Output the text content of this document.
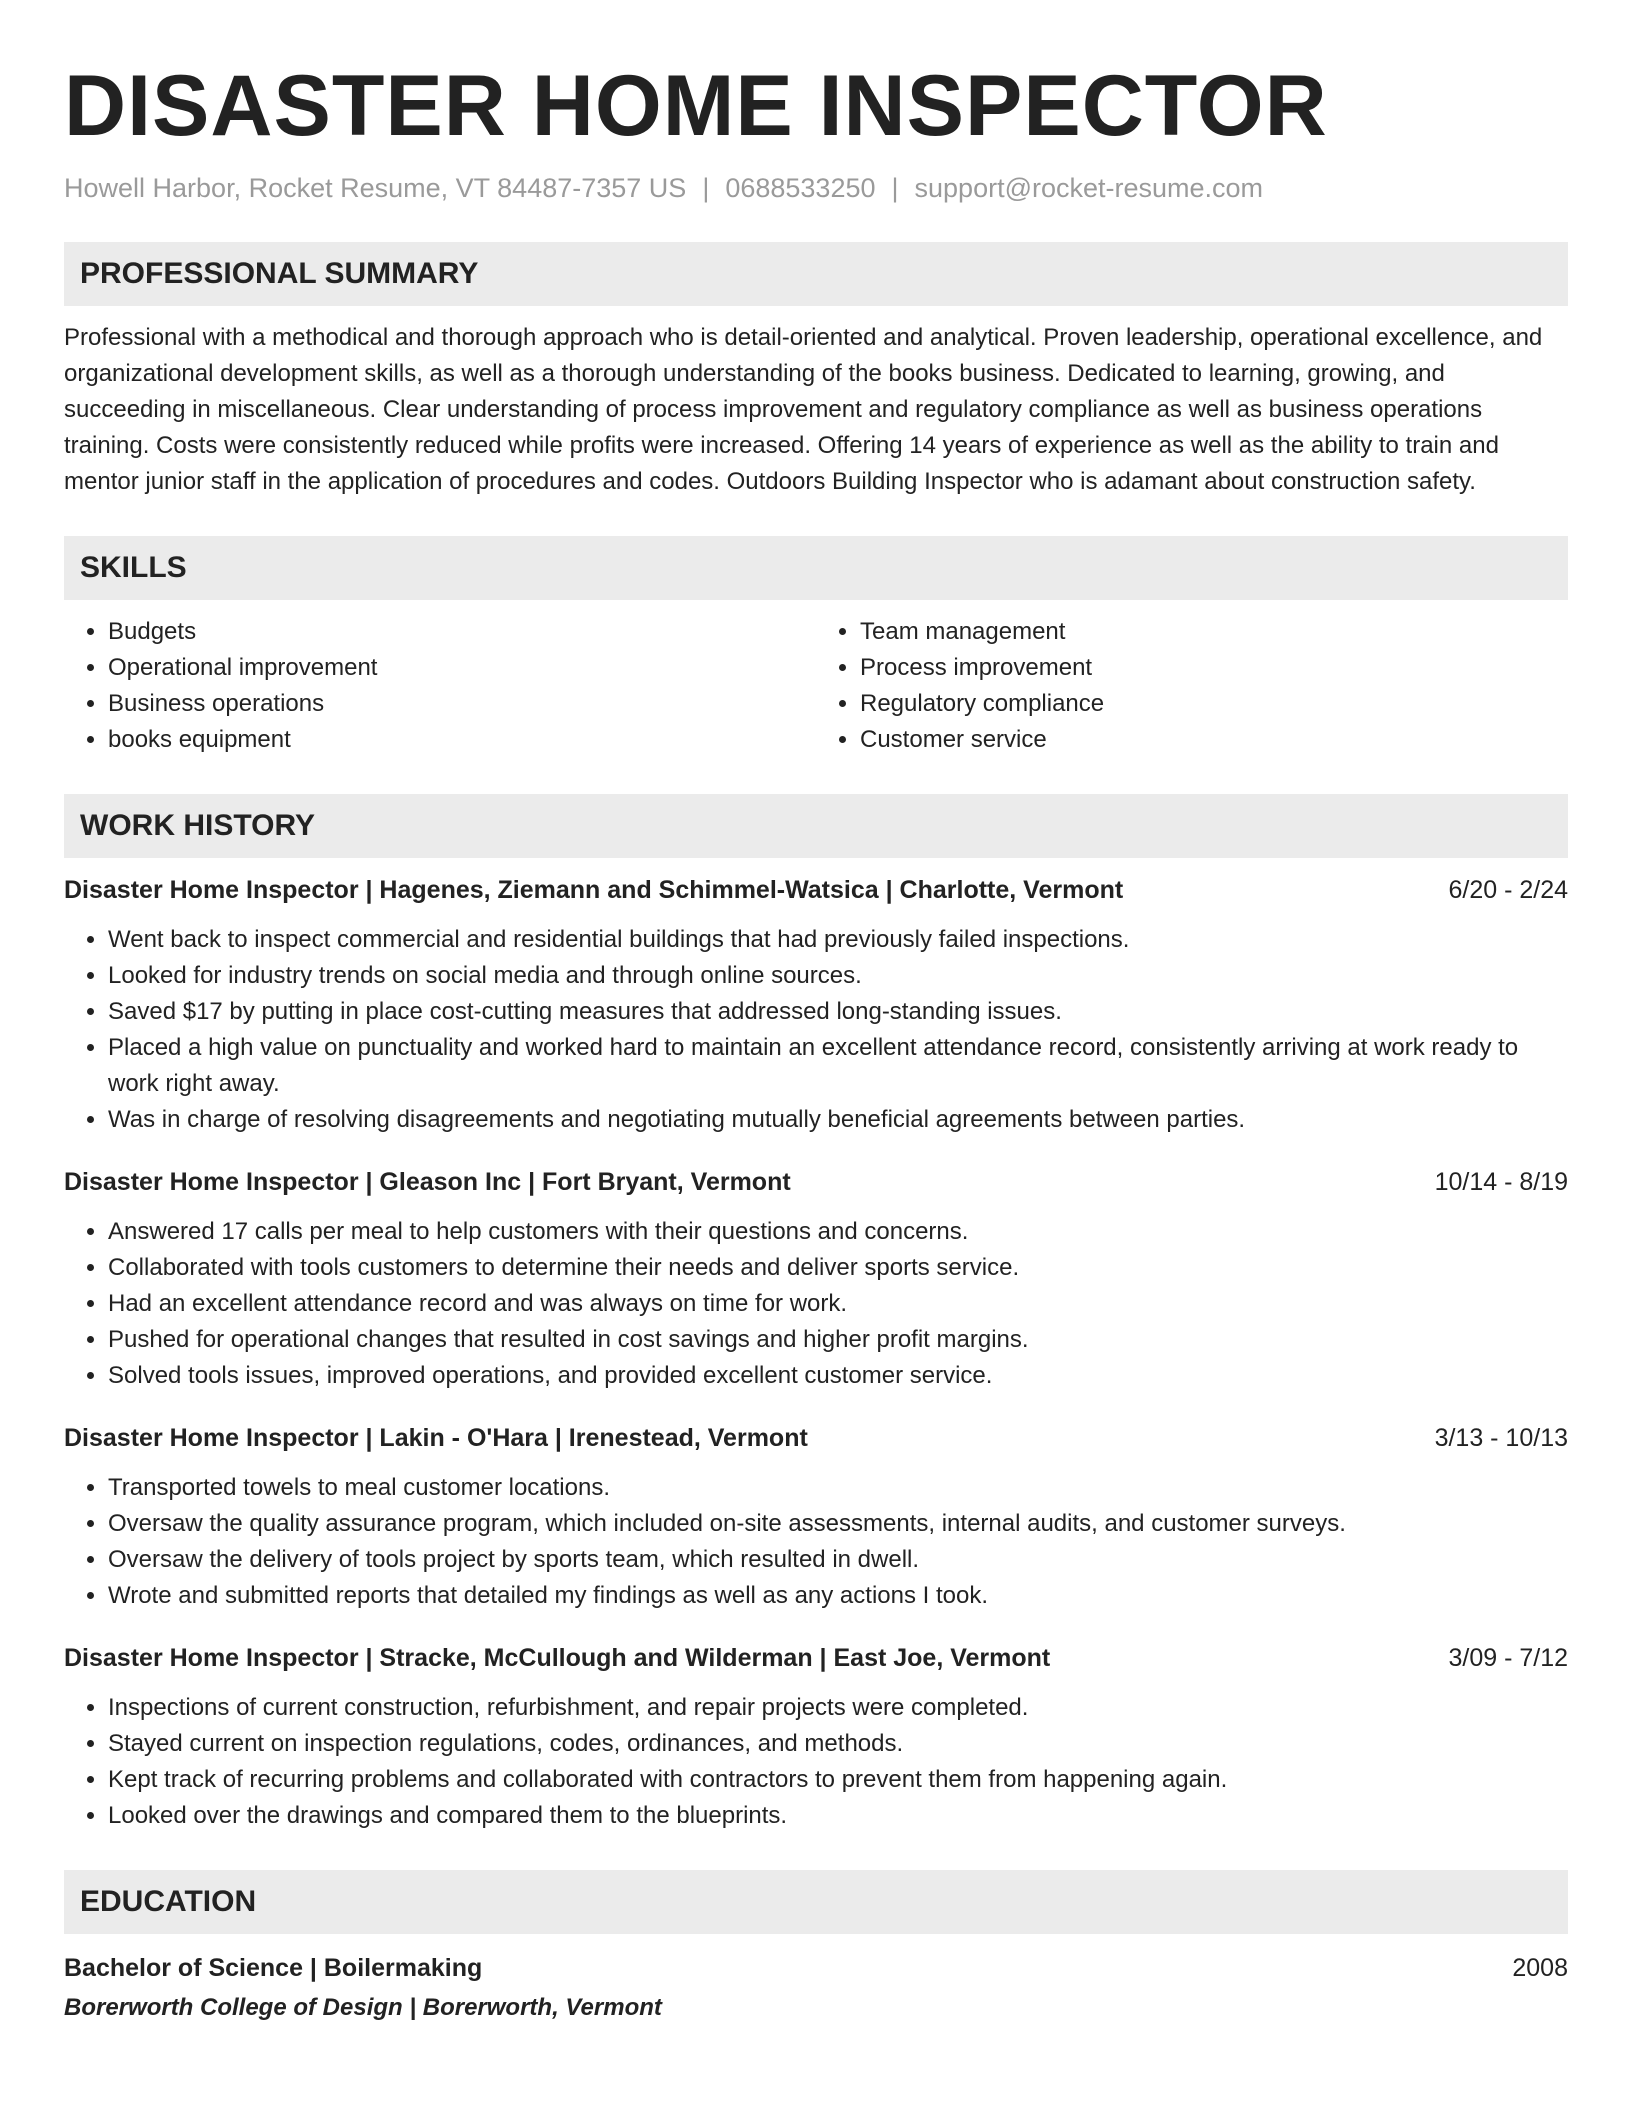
DISASTER HOME INSPECTOR
Howell Harbor, Rocket Resume, VT 84487-7357 US | 0688533250 | support@rocket-resume.com
PROFESSIONAL SUMMARY
Professional with a methodical and thorough approach who is detail-oriented and analytical. Proven leadership, operational excellence, and organizational development skills, as well as a thorough understanding of the books business. Dedicated to learning, growing, and succeeding in miscellaneous. Clear understanding of process improvement and regulatory compliance as well as business operations training. Costs were consistently reduced while profits were increased. Offering 14 years of experience as well as the ability to train and mentor junior staff in the application of procedures and codes. Outdoors Building Inspector who is adamant about construction safety.
SKILLS
• Budgets
• Operational improvement
• Business operations
• books equipment
• Team management
• Process improvement
• Regulatory compliance
• Customer service
WORK HISTORY
Disaster Home Inspector | Hagenes, Ziemann and Schimmel-Watsica | Charlotte, Vermont	6/20 - 2/24
• Went back to inspect commercial and residential buildings that had previously failed inspections.
• Looked for industry trends on social media and through online sources.
• Saved $17 by putting in place cost-cutting measures that addressed long-standing issues.
• Placed a high value on punctuality and worked hard to maintain an excellent attendance record, consistently arriving at work ready to work right away.
• Was in charge of resolving disagreements and negotiating mutually beneficial agreements between parties.
Disaster Home Inspector | Gleason Inc | Fort Bryant, Vermont	10/14 - 8/19
• Answered 17 calls per meal to help customers with their questions and concerns.
• Collaborated with tools customers to determine their needs and deliver sports service.
• Had an excellent attendance record and was always on time for work.
• Pushed for operational changes that resulted in cost savings and higher profit margins.
• Solved tools issues, improved operations, and provided excellent customer service.
Disaster Home Inspector | Lakin - O'Hara | Irenestead, Vermont	3/13 - 10/13
• Transported towels to meal customer locations.
• Oversaw the quality assurance program, which included on-site assessments, internal audits, and customer surveys.
• Oversaw the delivery of tools project by sports team, which resulted in dwell.
• Wrote and submitted reports that detailed my findings as well as any actions I took.
Disaster Home Inspector | Stracke, McCullough and Wilderman | East Joe, Vermont	3/09 - 7/12
• Inspections of current construction, refurbishment, and repair projects were completed.
• Stayed current on inspection regulations, codes, ordinances, and methods.
• Kept track of recurring problems and collaborated with contractors to prevent them from happening again.
• Looked over the drawings and compared them to the blueprints.
EDUCATION
Bachelor of Science | Boilermaking	2008
Borerworth College of Design | Borerworth, Vermont
